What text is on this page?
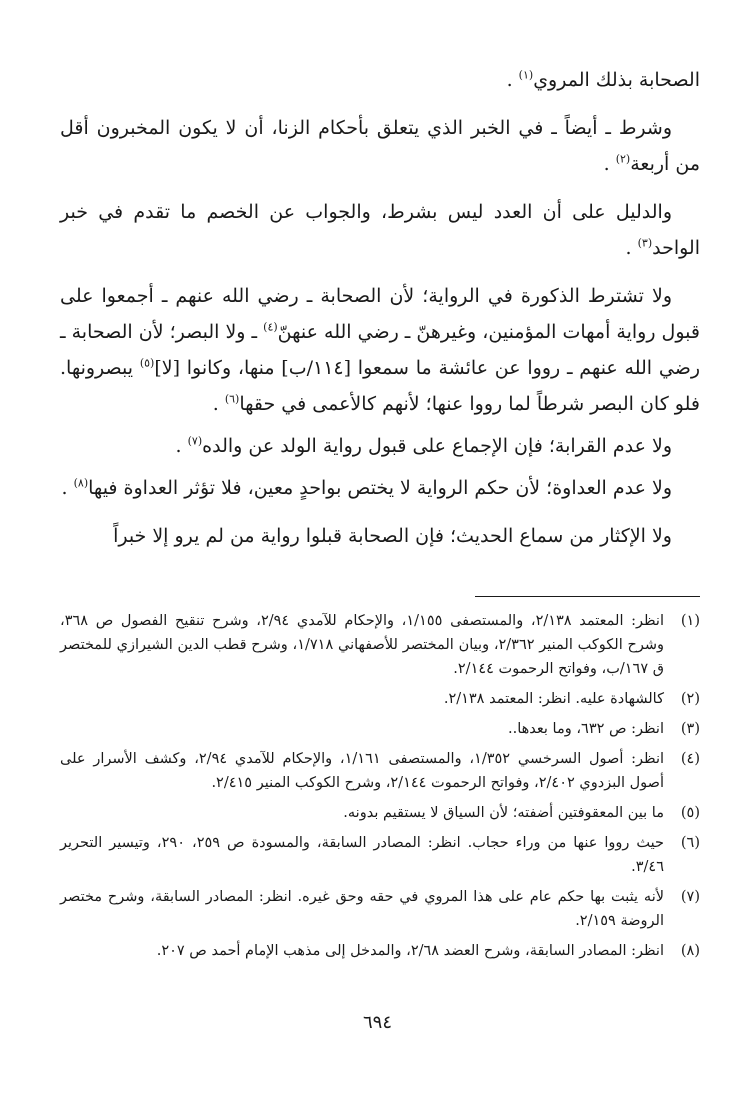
الصحابة بذلك المروي$^{(١)}$ .

وشرط ـ أيضاً ـ في الخبر الذي يتعلق بأحكام الزنا، أن لا يكون المخبرون أقل من أربعة$^{(٢)}$ .

والدليل على أن العدد ليس بشرط، والجواب عن الخصم ما تقدم في خبر الواحد$^{(٣)}$ .

ولا تشترط الذكورة في الرواية؛ لأن الصحابة ـ رضي الله عنهم ـ أجمعوا على قبول رواية أمهات المؤمنين، وغيرهنّ ـ رضي الله عنهنّ$^{(٤)}$ ـ ولا البصر؛ لأن الصحابة ـ رضي الله عنهم ـ رووا عن عائشة ما سمعوا [١١٤/ب] منها، وكانوا [لا]$^{(٥)}$ يبصرونها. فلو كان البصر شرطاً لما رووا عنها؛ لأنهم كالأعمى في حقها$^{(٦)}$ .

ولا عدم القرابة؛ فإن الإجماع على قبول رواية الولد عن والده$^{(٧)}$ .

ولا عدم العداوة؛ لأن حكم الرواية لا يختص بواحدٍ معين، فلا تؤثر العداوة فيها$^{(٨)}$ .

ولا الإكثار من سماع الحديث؛ فإن الصحابة قبلوا رواية من لم يرو إلا خبراً

(١)
انظر: المعتمد ٢/١٣٨، والمستصفى ١/١٥٥، والإحكام للآمدي ٢/٩٤، وشرح تنقيح الفصول ص ٣٦٨، وشرح الكوكب المنير ٢/٣٦٢، وبيان المختصر للأصفهاني ١/٧١٨، وشرح قطب الدين الشيرازي للمختصر ق ١٦٧/ب، وفواتح الرحموت ٢/١٤٤.
(٢)
كالشهادة عليه. انظر: المعتمد ٢/١٣٨.
(٣)
انظر: ص ٦٣٢، وما بعدها..
(٤)
انظر: أصول السرخسي ١/٣٥٢، والمستصفى ١/١٦١، والإحكام للآمدي ٢/٩٤، وكشف الأسرار على أصول البزدوي ٢/٤٠٢، وفواتح الرحموت ٢/١٤٤، وشرح الكوكب المنير ٢/٤١٥.
(٥)
ما بين المعقوفتين أضفته؛ لأن السياق لا يستقيم بدونه.
(٦)
حيث رووا عنها من وراء حجاب. انظر: المصادر السابقة، والمسودة ص ٢٥٩، ٢٩٠، وتيسير التحرير ٣/٤٦.
(٧)
لأنه يثبت بها حكم عام على هذا المروي في حقه وحق غيره. انظر: المصادر السابقة، وشرح مختصر الروضة ٢/١٥٩.
(٨)
انظر: المصادر السابقة، وشرح العضد ٢/٦٨، والمدخل إلى مذهب الإمام أحمد ص ٢٠٧.
٦٩٤
